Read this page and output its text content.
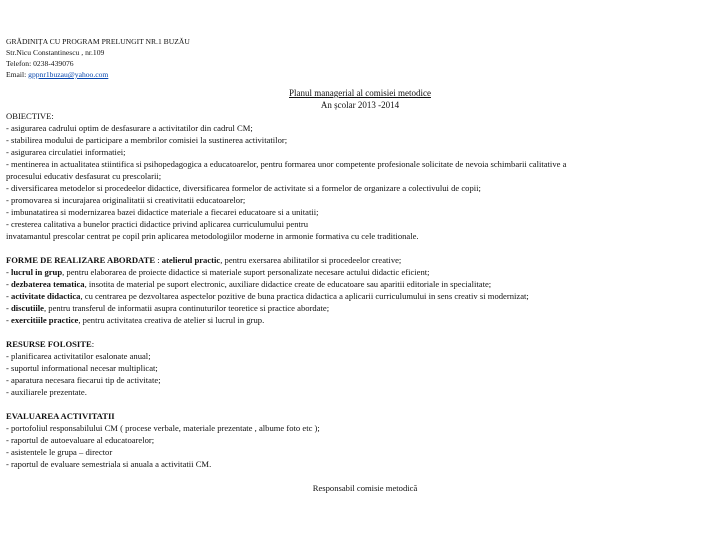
GRĂDINIȚA CU PROGRAM PRELUNGIT NR.1 BUZĂU
Str.Nicu Constantinescu , nr.109
Telefon: 0238-439076
Email: gppnr1buzau@yahoo.com
Planul managerial al comisiei metodice
An școlar 2013 -2014
OBIECTIVE:
- asigurarea cadrului optim de desfasurare a activitatilor din cadrul CM;
- stabilirea modului de participare a membrilor comisiei la sustinerea activitatilor;
- asigurarea circulatiei informatiei;
- mentinerea in actualitatea stiintifica si psihopedagogica a educatoarelor, pentru formarea unor competente profesionale solicitate de nevoia schimbarii calitative a
procesului educativ desfasurat cu prescolarii;
- diversificarea metodelor si procedeelor didactice, diversificarea formelor de activitate si a formelor de organizare a colectivului de copii;
- promovarea si incurajarea originalitatii si creativitatii educatoarelor;
- imbunatatirea si modernizarea bazei didactice materiale a fiecarei educatoare si a unitatii;
- cresterea calitativa a bunelor practici didactice privind aplicarea curriculumului pentru
invatamantul prescolar centrat pe copil prin aplicarea metodologiilor moderne in armonie formativa cu cele traditionale.
FORME DE REALIZARE ABORDATE : atelierul practic, pentru exersarea abilitatilor si procedeelor creative;
- lucrul in grup, pentru elaborarea de proiecte didactice si materiale suport personalizate necesare actului didactic eficient;
- dezbaterea tematica, insotita de material pe suport electronic, auxiliare didactice create de educatoare sau aparitii editoriale in specialitate;
- activitate didactica, cu centrarea pe dezvoltarea aspectelor pozitive de buna practica didactica a aplicarii curriculumului in sens creativ si modernizat;
- discutiile, pentru transferul de informatii asupra continuturilor teoretice si practice abordate;
- exercitiile practice, pentru activitatea creativa de atelier si lucrul in grup.
RESURSE FOLOSITE:
- planificarea activitatilor esalonate anual;
- suportul informational necesar multiplicat;
- aparatura necesara fiecarui tip de activitate;
- auxiliarele prezentate.
EVALUAREA ACTIVITATII
- portofoliul responsabilului CM ( procese verbale, materiale prezentate , albume foto etc );
- raportul de autoevaluare al educatoarelor;
- asistentele le grupa – director
- raportul de evaluare semestriala si anuala a activitatii CM.
Responsabil comisie metodică
